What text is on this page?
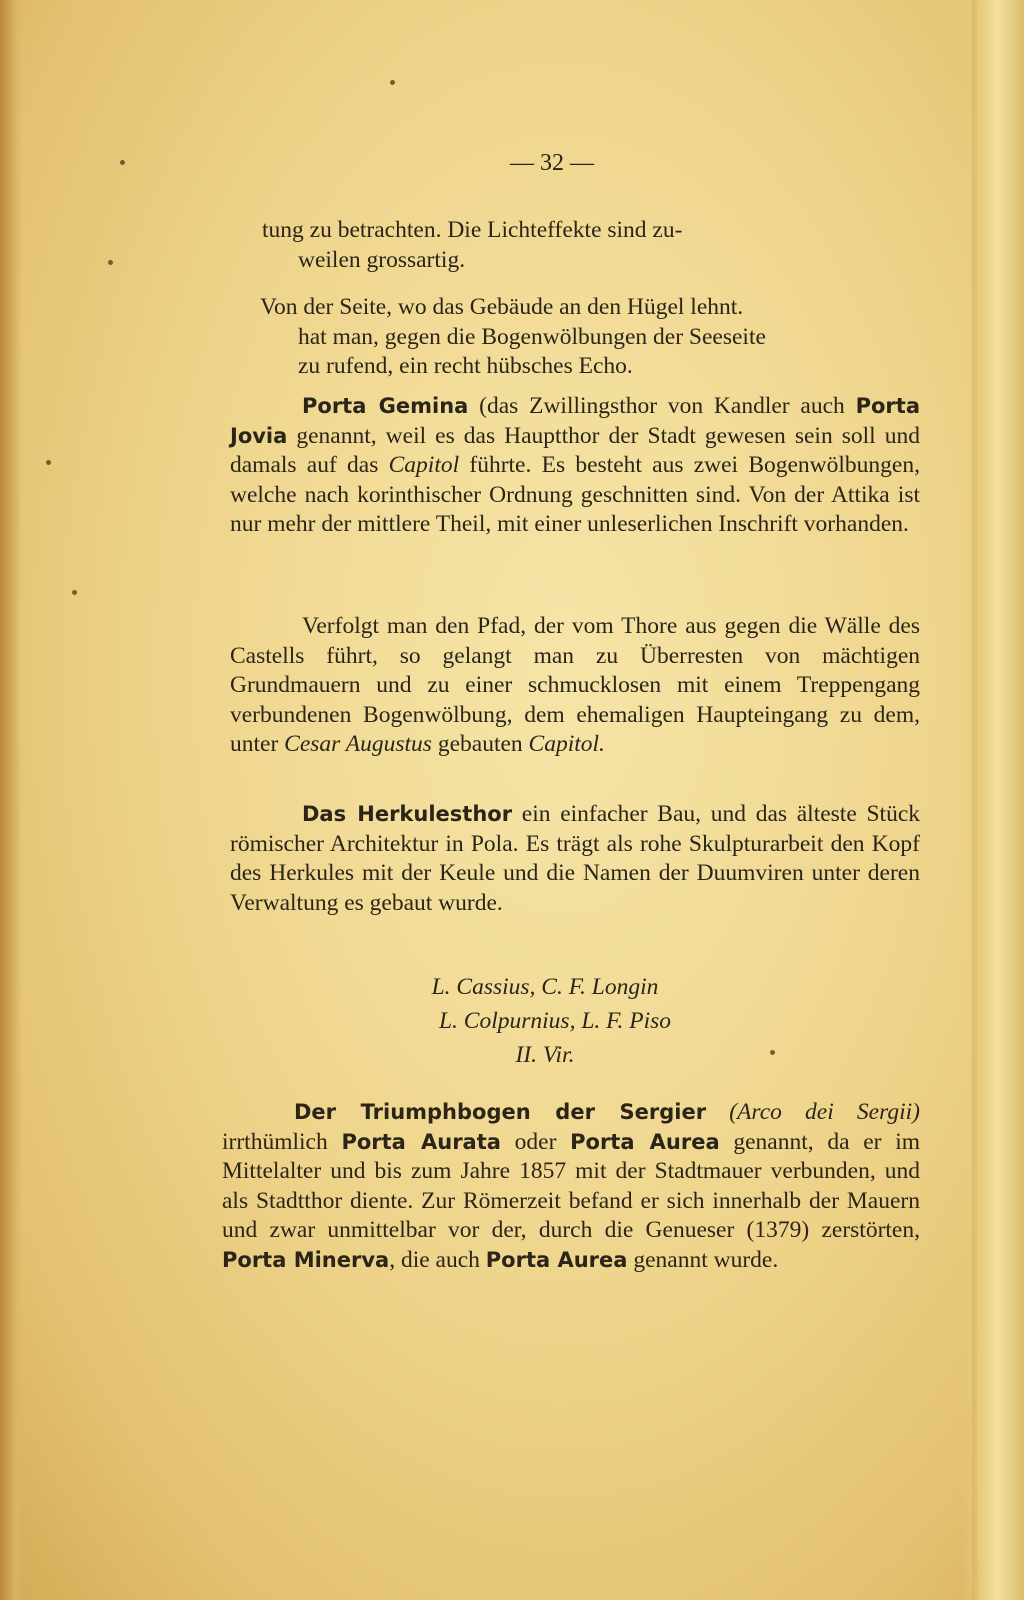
— 32 —

tung zu betrachten. Die Lichteffekte sind zu-

weilen grossartig.

Von der Seite, wo das Gebäude an den Hügel lehnt.

hat man, gegen die Bogenwölbungen der Seeseite

zu rufend, ein recht hübsches Echo.

Porta Gemina (das Zwillingsthor von Kandler auch Porta Jovia genannt, weil es das Hauptthor der Stadt gewesen sein soll und damals auf das Capitol führte. Es besteht aus zwei Bogenwölbungen, welche nach korinthischer Ordnung geschnitten sind. Von der Attika ist nur mehr der mittlere Theil, mit einer unleserlichen Inschrift vorhanden.

Verfolgt man den Pfad, der vom Thore aus gegen die Wälle des Castells führt, so gelangt man zu Überresten von mächtigen Grundmauern und zu einer schmucklosen mit einem Treppengang verbundenen Bogenwölbung, dem ehemaligen Haupteingang zu dem, unter Cesar Augustus gebauten Capitol.

Das Herkulesthor ein einfacher Bau, und das älteste Stück römischer Architektur in Pola. Es trägt als rohe Skulpturarbeit den Kopf des Herkules mit der Keule und die Namen der Duumviren unter deren Verwaltung es gebaut wurde.

L. Cassius, C. F. Longin
L. Colpurnius, L. F. Piso
II. Vir.

Der Triumphbogen der Sergier (Arco dei Sergii) irrthümlich Porta Aurata oder Porta Aurea genannt, da er im Mittelalter und bis zum Jahre 1857 mit der Stadtmauer verbunden, und als Stadtthor diente. Zur Römerzeit befand er sich innerhalb der Mauern und zwar unmittelbar vor der, durch die Genueser (1379) zerstörten, Porta Minerva, die auch Porta Aurea genannt wurde.
